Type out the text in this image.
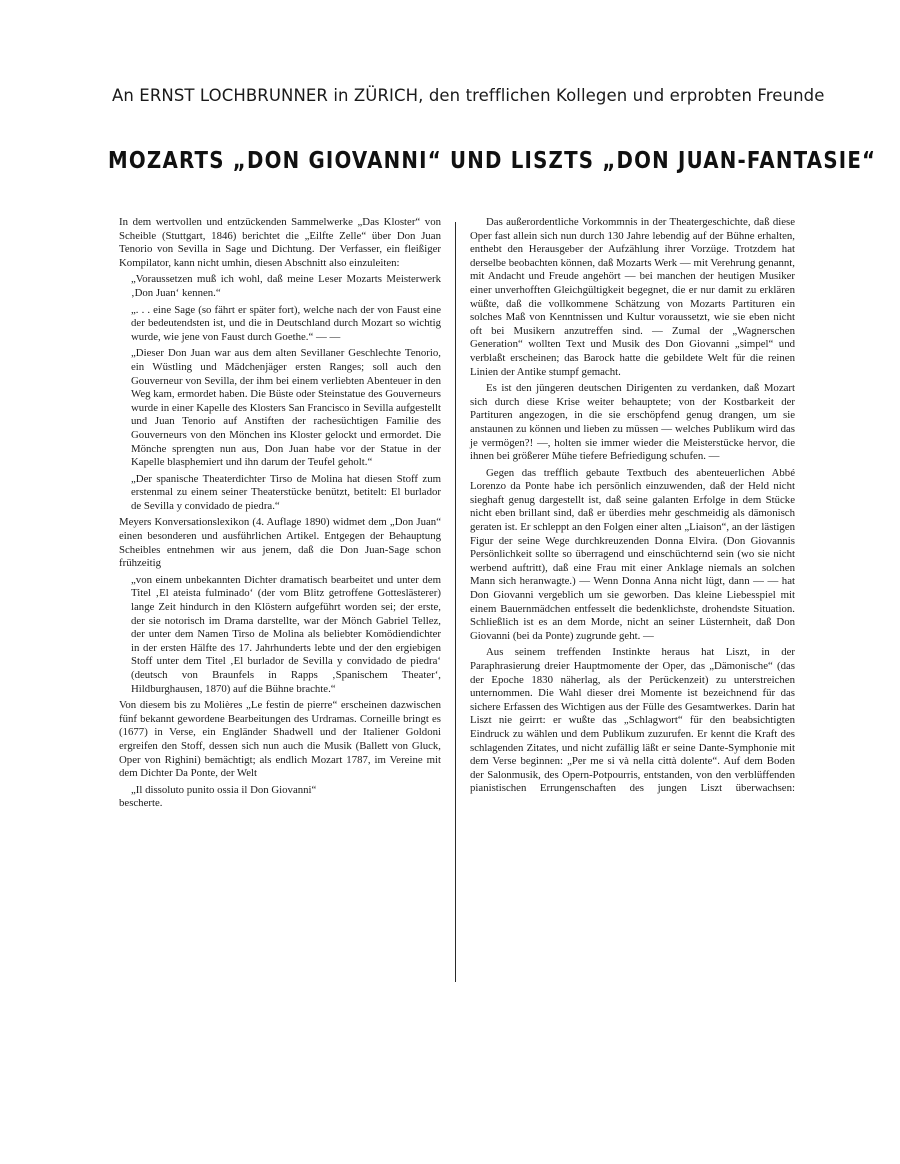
An ERNST LOCHBRUNNER in ZÜRICH, den trefflichen Kollegen und erprobten Freunde
MOZARTS „DON GIOVANNI“ UND LISZTS „DON JUAN-FANTASIE“

In dem wertvollen und entzückenden Sammelwerke „Das Kloster“ von Scheible (Stuttgart, 1846) berichtet die „Eilfte Zelle“ über Don Juan Tenorio von Sevilla in Sage und Dichtung. Der Verfasser, ein fleißiger Kompilator, kann nicht umhin, diesen Abschnitt also einzuleiten:

„Voraussetzen muß ich wohl, daß meine Leser Mozarts Meisterwerk ‚Don Juan‘ kennen.“

„. . . eine Sage (so fährt er später fort), welche nach der von Faust eine der bedeutendsten ist, und die in Deutschland durch Mozart so wichtig wurde, wie jene von Faust durch Goethe.“ — —

„Dieser Don Juan war aus dem alten Sevillaner Geschlechte Tenorio, ein Wüstling und Mädchenjäger ersten Ranges; soll auch den Gouverneur von Sevilla, der ihm bei einem verliebten Abenteuer in den Weg kam, ermordet haben. Die Büste oder Steinstatue des Gouverneurs wurde in einer Kapelle des Klosters San Francisco in Sevilla aufgestellt und Juan Tenorio auf Anstiften der rachesüchtigen Familie des Gouverneurs von den Mönchen ins Kloster gelockt und ermordet. Die Mönche sprengten nun aus, Don Juan habe vor der Statue in der Kapelle blasphemiert und ihn darum der Teufel geholt.“

„Der spanische Theaterdichter Tirso de Molina hat diesen Stoff zum erstenmal zu einem seiner Theaterstücke benützt, betitelt: El burlador de Sevilla y convidado de piedra.“

Meyers Konversationslexikon (4. Auflage 1890) widmet dem „Don Juan“ einen besonderen und ausführlichen Artikel. Entgegen der Behauptung Scheibles entnehmen wir aus jenem, daß die Don Juan-Sage schon frühzeitig

„von einem unbekannten Dichter dramatisch bearbeitet und unter dem Titel ‚El ateista fulminado‘ (der vom Blitz getroffene Gotteslästerer) lange Zeit hindurch in den Klöstern aufgeführt worden sei; der erste, der sie notorisch im Drama darstellte, war der Mönch Gabriel Tellez, der unter dem Namen Tirso de Molina als beliebter Komödiendichter in der ersten Hälfte des 17. Jahrhunderts lebte und der den ergiebigen Stoff unter dem Titel ‚El burlador de Sevilla y convidado de piedra‘ (deutsch von Braunfels in Rapps ‚Spanischem Theater‘, Hildburghausen, 1870) auf die Bühne brachte.“

Von diesem bis zu Molières „Le festin de pierre“ erscheinen dazwischen fünf bekannt gewordene Bearbeitungen des Urdramas. Corneille bringt es (1677) in Verse, ein Engländer Shadwell und der Italiener Goldoni ergreifen den Stoff, dessen sich nun auch die Musik (Ballett von Gluck, Oper von Righini) bemächtigt; als endlich Mozart 1787, im Vereine mit dem Dichter Da Ponte, der Welt

„Il dissoluto punito ossia il Don Giovanni“

bescherte.

Das außerordentliche Vorkommnis in der Theatergeschichte, daß diese Oper fast allein sich nun durch 130 Jahre lebendig auf der Bühne erhalten, enthebt den Herausgeber der Aufzählung ihrer Vorzüge. Trotzdem hat derselbe beobachten können, daß Mozarts Werk — mit Verehrung genannt, mit Andacht und Freude angehört — bei manchen der heutigen Musiker einer unverhofften Gleichgültigkeit begegnet, die er nur damit zu erklären wüßte, daß die vollkommene Schätzung von Mozarts Partituren ein solches Maß von Kenntnissen und Kultur voraussetzt, wie sie eben nicht oft bei Musikern anzutreffen sind. — Zumal der „Wagnerschen Generation“ wollten Text und Musik des Don Giovanni „simpel“ und verblaßt erscheinen; das Barock hatte die gebildete Welt für die reinen Linien der Antike stumpf gemacht.

Es ist den jüngeren deutschen Dirigenten zu verdanken, daß Mozart sich durch diese Krise weiter behauptete; von der Kostbarkeit der Partituren angezogen, in die sie erschöpfend genug drangen, um sie anstaunen zu können und lieben zu müssen — welches Publikum wird das je vermögen?! —, holten sie immer wieder die Meisterstücke hervor, die ihnen bei größerer Mühe tiefere Befriedigung schufen. —

Gegen das trefflich gebaute Textbuch des abenteuerlichen Abbé Lorenzo da Ponte habe ich persönlich einzuwenden, daß der Held nicht sieghaft genug dargestellt ist, daß seine galanten Erfolge in dem Stücke nicht eben brillant sind, daß er überdies mehr geschmeidig als dämonisch geraten ist. Er schleppt an den Folgen einer alten „Liaison“, an der lästigen Figur der seine Wege durchkreuzenden Donna Elvira. (Don Giovannis Persönlichkeit sollte so überragend und einschüchternd sein (wo sie nicht werbend auftritt), daß eine Frau mit einer Anklage niemals an solchen Mann sich heranwagte.) — Wenn Donna Anna nicht lügt, dann — — hat Don Giovanni vergeblich um sie geworben. Das kleine Liebesspiel mit einem Bauernmädchen entfesselt die bedenklichste, drohendste Situation. Schließlich ist es an dem Morde, nicht an seiner Lüsternheit, daß Don Giovanni (bei da Ponte) zugrunde geht. —

Aus seinem treffenden Instinkte heraus hat Liszt, in der Paraphrasierung dreier Hauptmomente der Oper, das „Dämonische“ (das der Epoche 1830 näherlag, als der Perückenzeit) zu unterstreichen unternommen. Die Wahl dieser drei Momente ist bezeichnend für das sichere Erfassen des Wichtigen aus der Fülle des Gesamtwerkes. Darin hat Liszt nie geirrt: er wußte das „Schlagwort“ für den beabsichtigten Eindruck zu wählen und dem Publikum zuzurufen. Er kennt die Kraft des schlagenden Zitates, und nicht zufällig läßt er seine Dante-Symphonie mit dem Verse beginnen: „Per me si và nella città dolente“. Auf dem Boden der Salonmusik, des Opern-Potpourris, entstanden, von den verblüffenden pianistischen Errungenschaften des jungen Liszt überwachsen:
